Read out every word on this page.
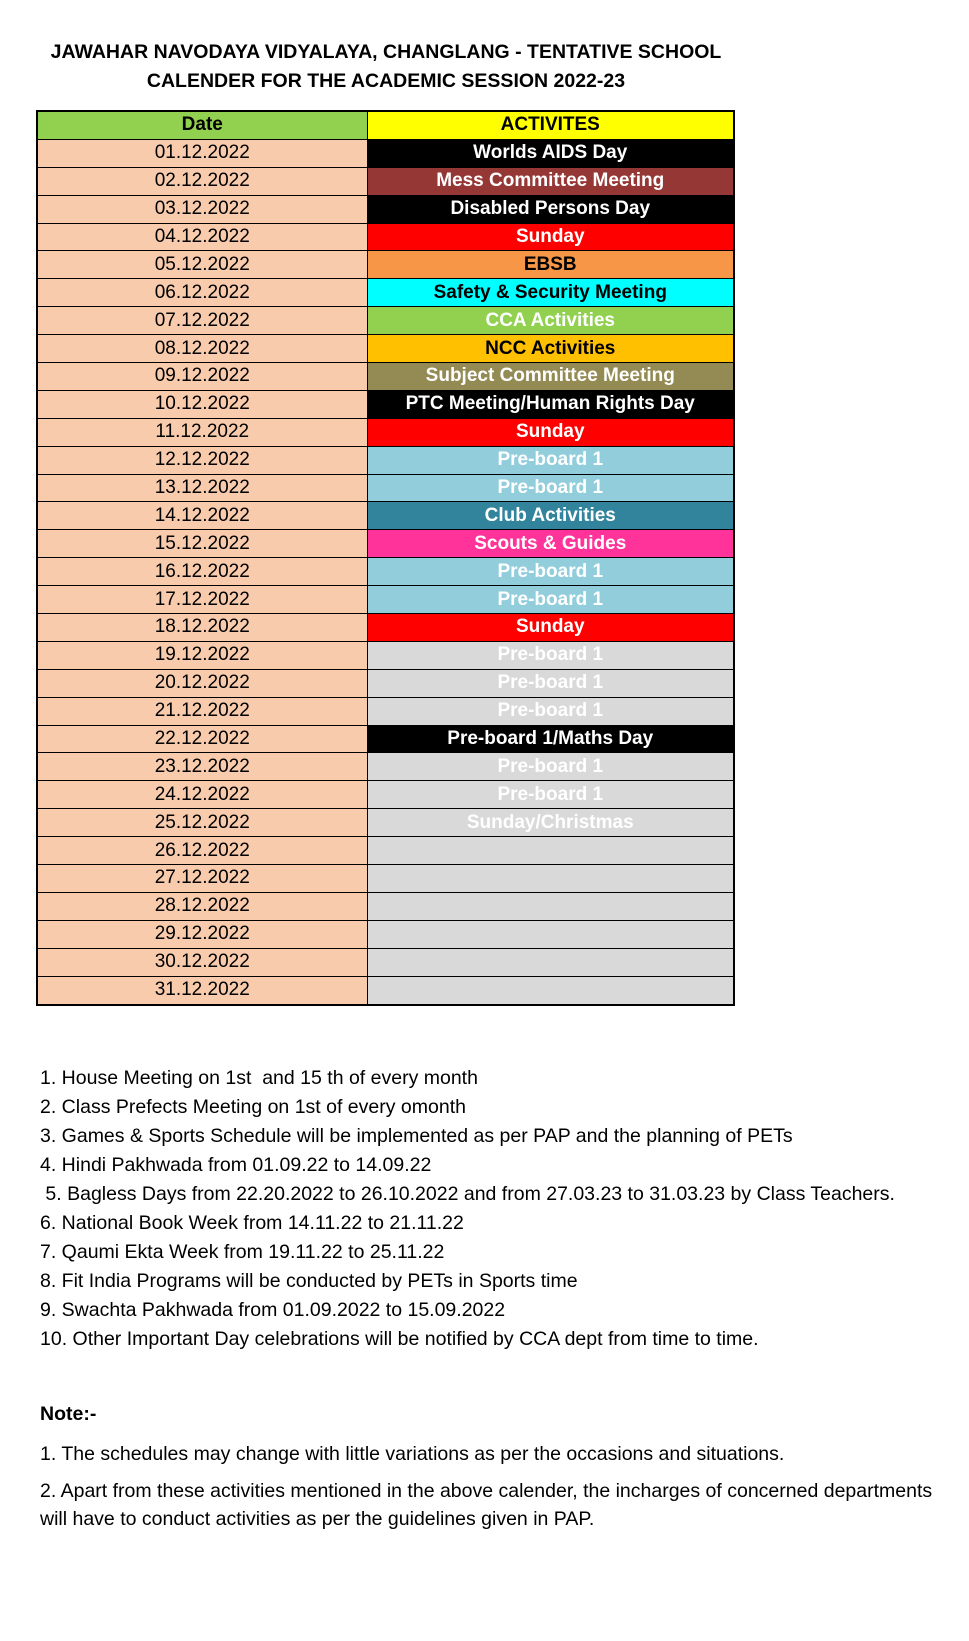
JAWAHAR NAVODAYA VIDYALAYA, CHANGLANG - TENTATIVE SCHOOL
CALENDER FOR THE ACADEMIC SESSION 2022-23
Date	ACTIVITES
01.12.2022	Worlds AIDS Day
02.12.2022	Mess Committee Meeting
03.12.2022	Disabled Persons Day
04.12.2022	Sunday
05.12.2022	EBSB
06.12.2022	Safety & Security Meeting
07.12.2022	CCA Activities
08.12.2022	NCC Activities
09.12.2022	Subject Committee Meeting
10.12.2022	PTC Meeting/Human Rights Day
11.12.2022	Sunday
12.12.2022	Pre-board 1
13.12.2022	Pre-board 1
14.12.2022	Club Activities
15.12.2022	Scouts & Guides
16.12.2022	Pre-board 1
17.12.2022	Pre-board 1
18.12.2022	Sunday
19.12.2022	Pre-board 1
20.12.2022	Pre-board 1
21.12.2022	Pre-board 1
22.12.2022	Pre-board 1/Maths Day
23.12.2022	Pre-board 1
24.12.2022	Pre-board 1
25.12.2022	Sunday/Christmas
26.12.2022	
27.12.2022	
28.12.2022	
29.12.2022	
30.12.2022	
31.12.2022	
1. House Meeting on 1st  and 15 th of every month
2. Class Prefects Meeting on 1st of every omonth
3. Games & Sports Schedule will be implemented as per PAP and the planning of PETs
4. Hindi Pakhwada from 01.09.22 to 14.09.22
5. Bagless Days from 22.20.2022 to 26.10.2022 and from 27.03.23 to 31.03.23 by Class Teachers.
6. National Book Week from 14.11.22 to 21.11.22
7. Qaumi Ekta Week from 19.11.22 to 25.11.22
8. Fit India Programs will be conducted by PETs in Sports time
9. Swachta Pakhwada from 01.09.2022 to 15.09.2022
10. Other Important Day celebrations will be notified by CCA dept from time to time.
Note:-

1. The schedules may change with little variations as per the occasions and situations.

2. Apart from these activities mentioned in the above calender, the incharges of concerned departments will have to conduct activities as per the guidelines given in PAP.
